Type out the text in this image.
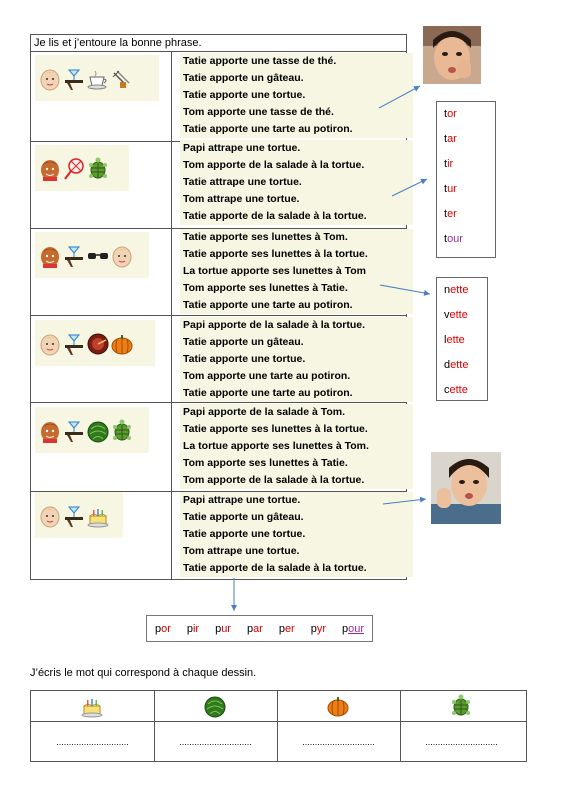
Je lis et j’entoure la bonne phrase.
Tatie apporte une tasse de thé.
Tatie apporte un gâteau.
Tatie apporte une tortue.
Tom apporte une tasse de thé.
Tatie apporte une tarte au potiron.
Papi attrape une tortue.
Tom apporte de la salade à la tortue.
Tatie attrape une tortue.
Tom attrape une tortue.
Tatie apporte de la salade à la tortue.
Tatie apporte ses lunettes à Tom.
Tatie apporte ses lunettes à la tortue.
La tortue apporte ses lunettes à Tom
Tom apporte ses lunettes à Tatie.
Tatie apporte une tarte au potiron.
Papi apporte de la salade à la tortue.
Tatie apporte un gâteau.
Tatie apporte une tortue.
Tom apporte une tarte au potiron.
Tatie apporte une tarte au potiron.
Papi apporte de la salade à Tom.
Tatie apporte ses lunettes à la tortue.
La tortue apporte ses lunettes à Tom.
Tom apporte ses lunettes à Tatie.
Tom apporte de la salade à la tortue.
Papi attrape une tortue.
Tatie apporte un gâteau.
Tatie apporte une tortue.
Tom attrape une tortue.
Tatie apporte de la salade à la tortue.
tor
tar
tir
tur
ter
tour
nette
vette
lette
dette
cette
por pir pur par per pyr pour
J’écris le mot qui correspond à chaque dessin.
.............................	.............................	.............................	.............................
